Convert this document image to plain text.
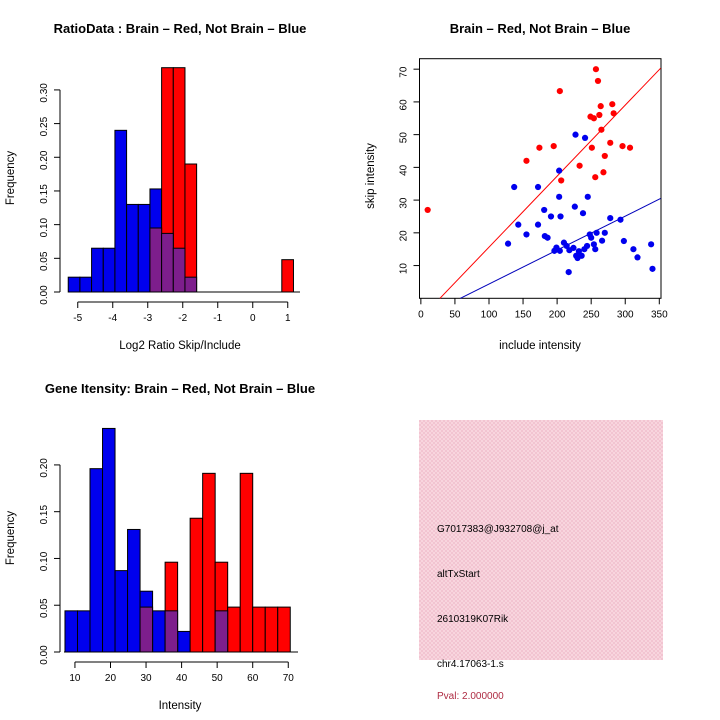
RatioData : Brain – Red, Not Brain – Blue
Frequency
-5	-4	-3	-2	-1	0	1
0.00
0.05
0.10
0.15
0.20
0.25
0.30
Log2 Ratio Skip/Include
Brain – Red, Not Brain – Blue
skip intensity
0	50 100 150 200 250 300 350
10
20
30
40
50
60
70
include intensity
Gene Itensity: Brain – Red, Not Brain – Blue
Frequency
10 20 30 40 50 60 70
0.00
0.05
0.10
0.15
0.20
Intensity
G7017383@J932708@j_at
altTxStart
2610319K07Rik
chr4.17063-1.s
Pval: 2.000000
